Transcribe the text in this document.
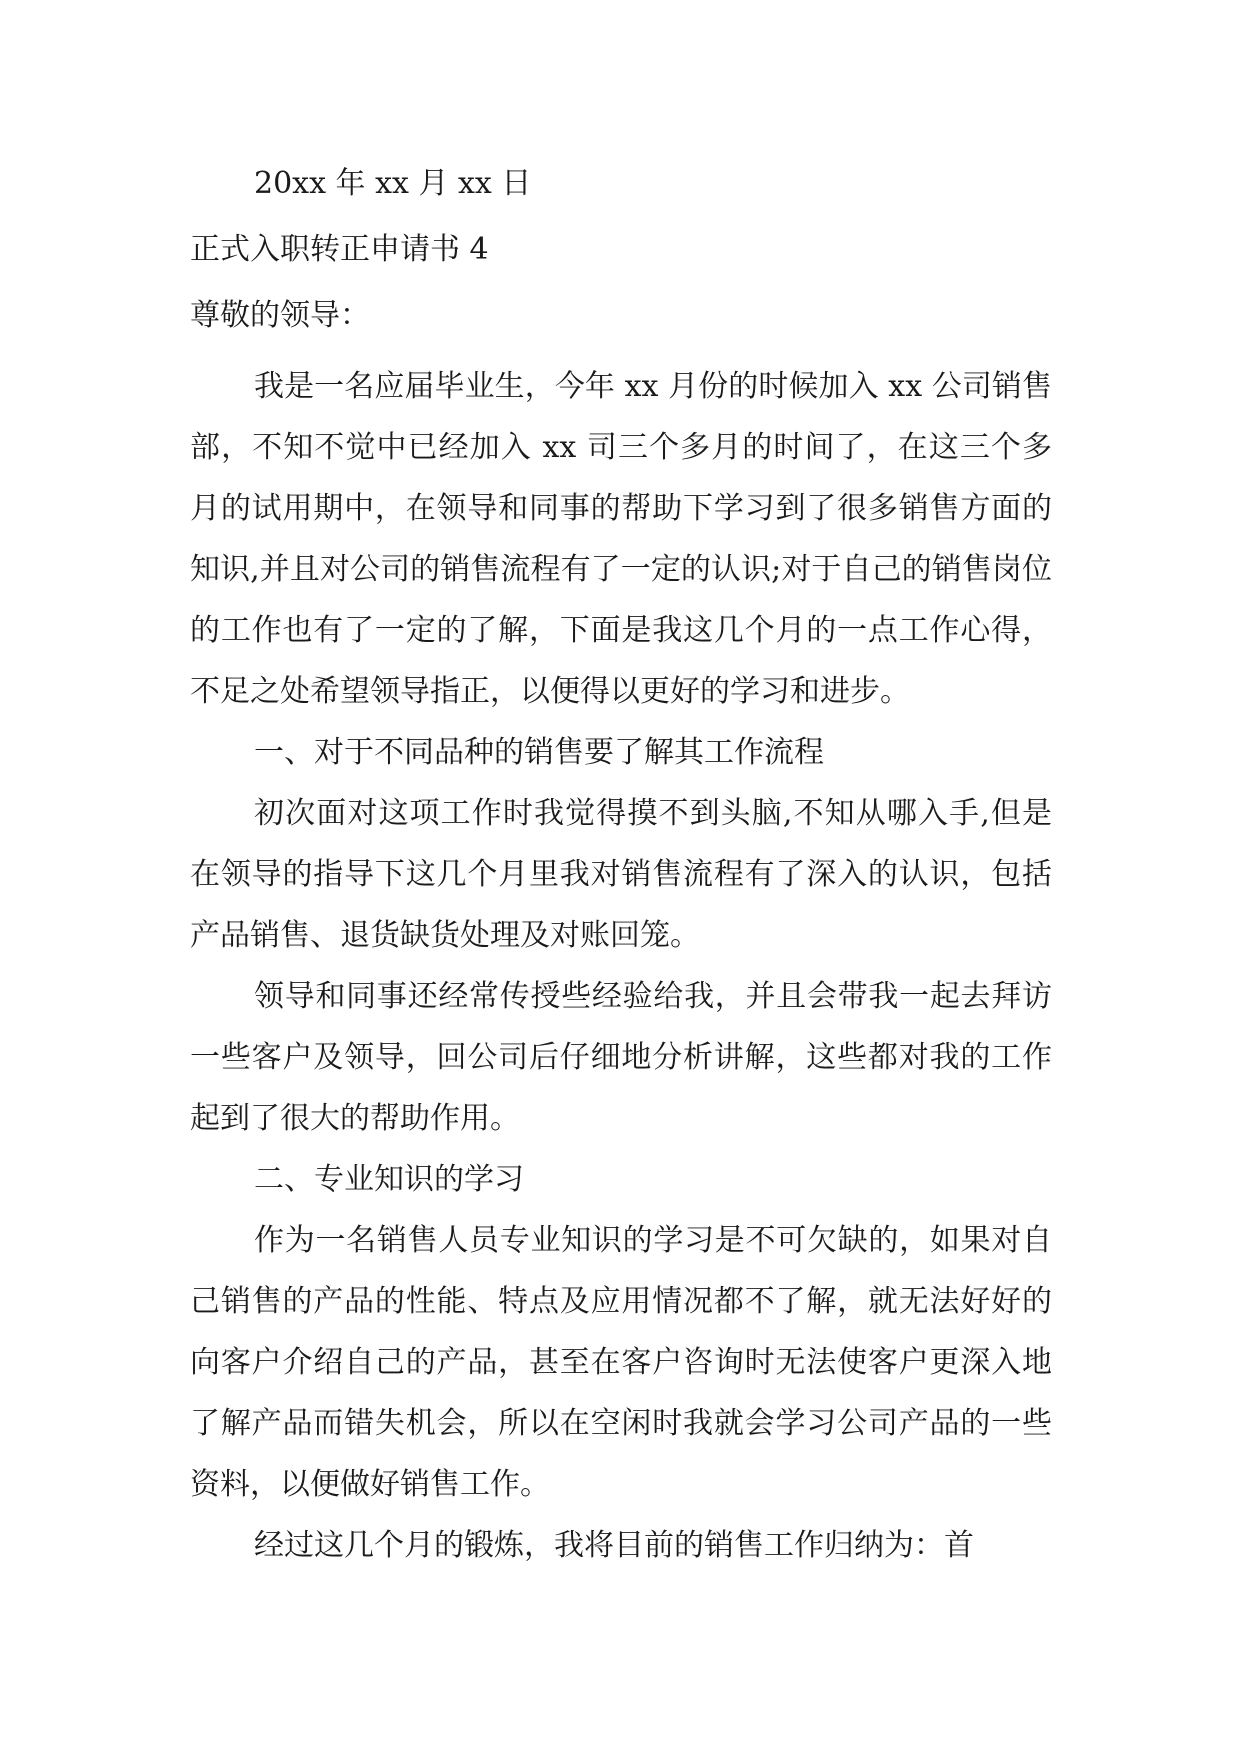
20xx 年 xx 月 xx 日

正式入职转正申请书 4

尊敬的领导：

我是一名应届毕业生，今年 xx 月份的时候加入 xx 公司销售部，不知不觉中已经加入 xx 司三个多月的时间了，在这三个多月的试用期中，在领导和同事的帮助下学习到了很多销售方面的知识,并且对公司的销售流程有了一定的认识;对于自己的销售岗位的工作也有了一定的了解，下面是我这几个月的一点工作心得，不足之处希望领导指正，以便得以更好的学习和进步。

一、对于不同品种的销售要了解其工作流程

初次面对这项工作时我觉得摸不到头脑,不知从哪入手,但是在领导的指导下这几个月里我对销售流程有了深入的认识，包括产品销售、退货缺货处理及对账回笼。

领导和同事还经常传授些经验给我，并且会带我一起去拜访一些客户及领导，回公司后仔细地分析讲解，这些都对我的工作起到了很大的帮助作用。

二、专业知识的学习

作为一名销售人员专业知识的学习是不可欠缺的，如果对自己销售的产品的性能、特点及应用情况都不了解，就无法好好的向客户介绍自己的产品，甚至在客户咨询时无法使客户更深入地了解产品而错失机会，所以在空闲时我就会学习公司产品的一些资料，以便做好销售工作。

经过这几个月的锻炼，我将目前的销售工作归纳为：首
